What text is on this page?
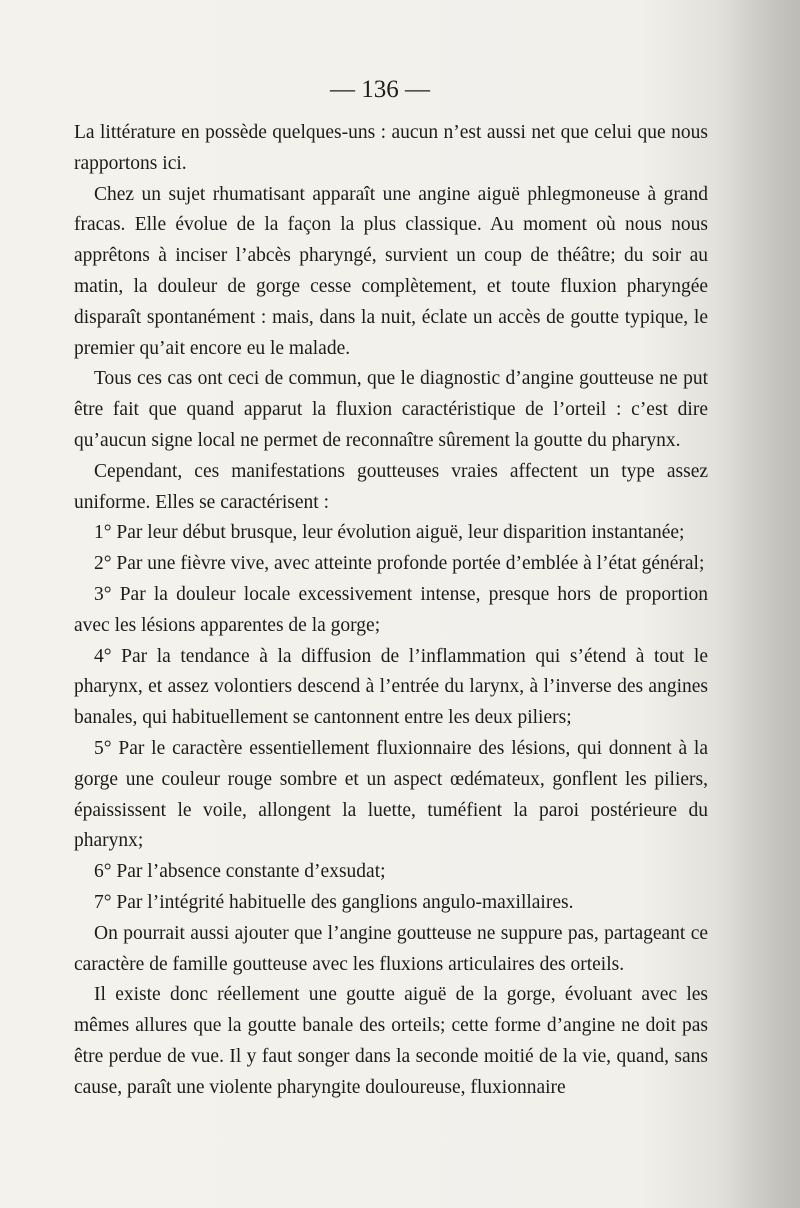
— 136 —

La littérature en possède quelques-uns : aucun n’est aussi net que celui que nous rapportons ici.

Chez un sujet rhumatisant apparaît une angine aiguë phlegmoneuse à grand fracas. Elle évolue de la façon la plus classique. Au moment où nous nous apprêtons à inciser l’abcès pharyngé, survient un coup de théâtre; du soir au matin, la douleur de gorge cesse complètement, et toute fluxion pharyngée disparaît spontanément : mais, dans la nuit, éclate un accès de goutte typique, le premier qu’ait encore eu le malade.

Tous ces cas ont ceci de commun, que le diagnostic d’angine goutteuse ne put être fait que quand apparut la fluxion caractéristique de l’orteil : c’est dire qu’aucun signe local ne permet de reconnaître sûrement la goutte du pharynx.

Cependant, ces manifestations goutteuses vraies affectent un type assez uniforme. Elles se caractérisent :

1° Par leur début brusque, leur évolution aiguë, leur disparition instantanée;

2° Par une fièvre vive, avec atteinte profonde portée d’emblée à l’état général;

3° Par la douleur locale excessivement intense, presque hors de proportion avec les lésions apparentes de la gorge;

4° Par la tendance à la diffusion de l’inflammation qui s’étend à tout le pharynx, et assez volontiers descend à l’entrée du larynx, à l’inverse des angines banales, qui habituellement se cantonnent entre les deux piliers;

5° Par le caractère essentiellement fluxionnaire des lésions, qui donnent à la gorge une couleur rouge sombre et un aspect œdémateux, gonflent les piliers, épaississent le voile, allongent la luette, tuméfient la paroi postérieure du pharynx;

6° Par l’absence constante d’exsudat;

7° Par l’intégrité habituelle des ganglions angulo-maxillaires.

On pourrait aussi ajouter que l’angine goutteuse ne suppure pas, partageant ce caractère de famille goutteuse avec les fluxions articulaires des orteils.

Il existe donc réellement une goutte aiguë de la gorge, évoluant avec les mêmes allures que la goutte banale des orteils; cette forme d’angine ne doit pas être perdue de vue. Il y faut songer dans la seconde moitié de la vie, quand, sans cause, paraît une violente pharyngite douloureuse, fluxionnaire
